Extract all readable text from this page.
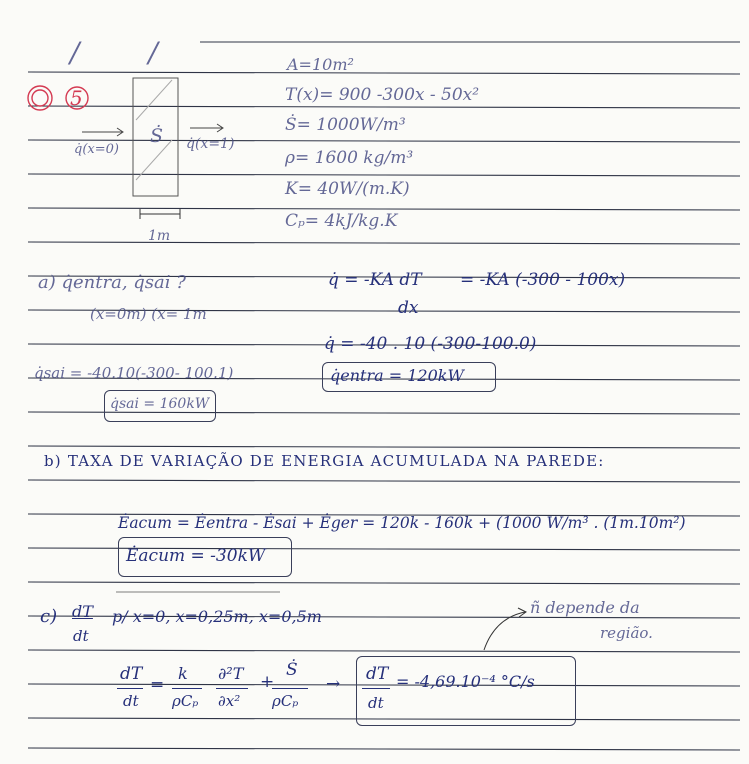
/ /
5
q̇(x=0)
Ṡ q̇(x=1)
1m
A=10m²
T(x)= 900 -300x - 50x²
Ṡ= 1000W/m³
ρ= 1600 kg/m³
K= 40W/(m.K)
Cₚ= 4kJ/kg.K
a) q̇entra, q̇sai ?
(x=0m) (x= 1m
q̇ = -KA dT
dx
= -KA (-300 - 100x)
q̇ = -40 . 10 (-300-100.0)
q̇entra = 120kW
q̇sai = -40.10(-300- 100.1)
q̇sai = 160kW
b) TAXA DE VARIAÇÃO DE ENERGIA ACUMULADA NA PAREDE:
Ėacum = Ėentra - Ėsai + Ėger = 120k - 160k + (1000 W/m³ . (1m.10m²)
Ėacum = -30kW
c) dT
dt
p/ x=0, x=0,25m, x=0,5m	ñ depende da
região.
dT
dt
=
k
ρCₚ
∂²T
∂x²
+
Ṡ
ρCₚ
→ dT
dt
= -4,69.10⁻⁴ °C/s
